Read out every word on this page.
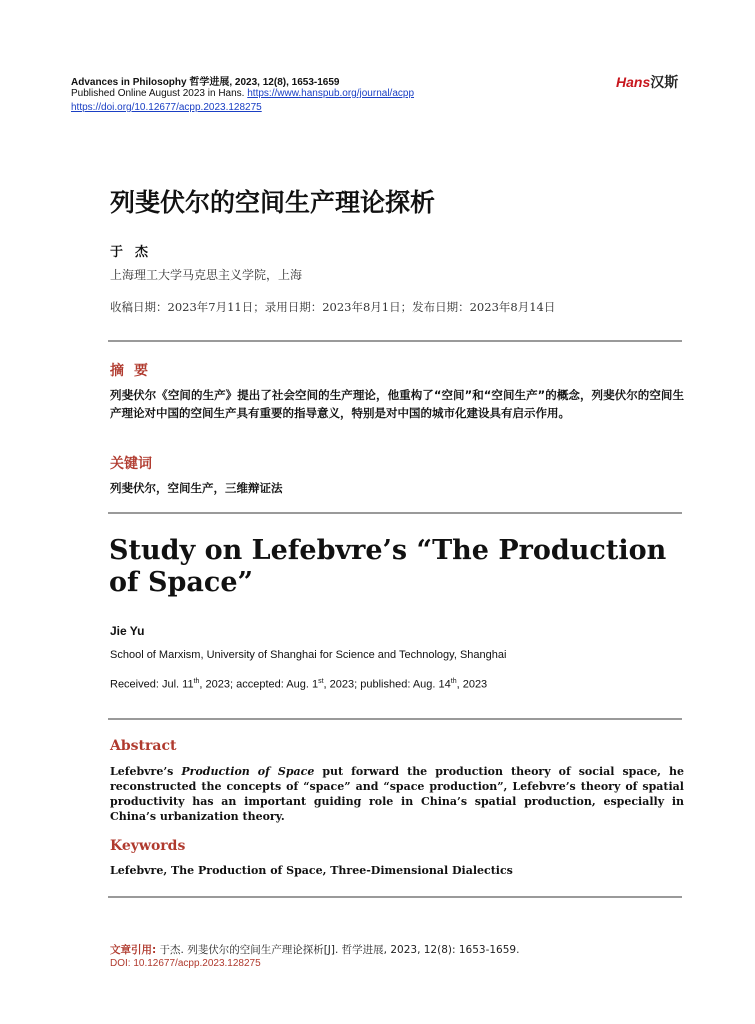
Advances in Philosophy 哲学进展, 2023, 12(8), 1653-1659
Published Online August 2023 in Hans. https://www.hanspub.org/journal/acpp
https://doi.org/10.12677/acpp.2023.128275
Hans汉斯
列斐伏尔的空间生产理论探析
于杰
上海理工大学马克思主义学院，上海
收稿日期：2023年7月11日；录用日期：2023年8月1日；发布日期：2023年8月14日
摘要
列斐伏尔《空间的生产》提出了社会空间的生产理论，他重构了“空间”和“空间生产”的概念，列斐伏尔的空间生产理论对中国的空间生产具有重要的指导意义，特别是对中国的城市化建设具有启示作用。
关键词
列斐伏尔，空间生产，三维辩证法
Study on Lefebvre’s “The Production of Space”
Jie Yu
School of Marxism, University of Shanghai for Science and Technology, Shanghai
Received: Jul. 11th, 2023; accepted: Aug. 1st, 2023; published: Aug. 14th, 2023
Abstract
Lefebvre’s Production of Space put forward the production theory of social space, he reconstructed the concepts of “space” and “space production”, Lefebvre’s theory of spatial productivity has an important guiding role in China’s spatial production, especially in China’s urbanization theory.
Keywords
Lefebvre, The Production of Space, Three-Dimensional Dialectics
文章引用: 于杰. 列斐伏尔的空间生产理论探析[J]. 哲学进展, 2023, 12(8): 1653-1659.
DOI: 10.12677/acpp.2023.128275
